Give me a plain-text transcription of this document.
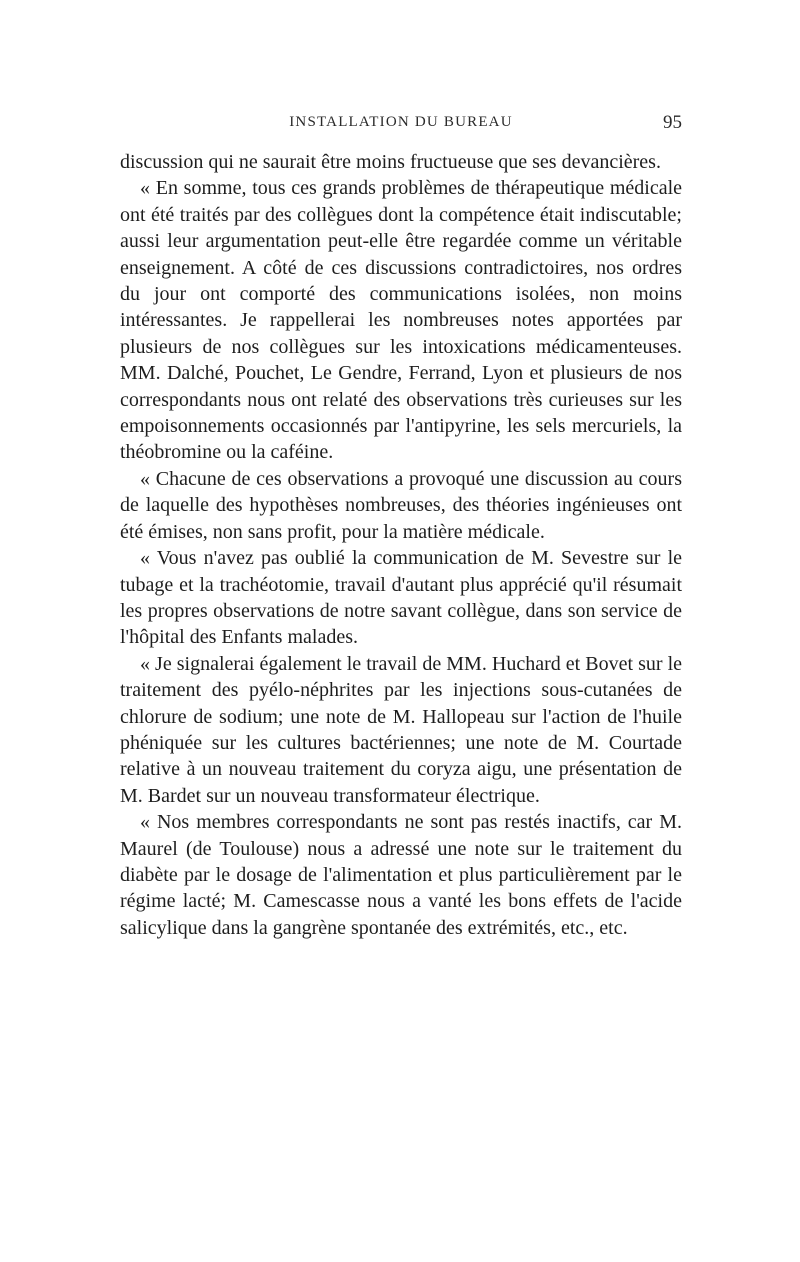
INSTALLATION DU BUREAU	95

discussion qui ne saurait être moins fructueuse que ses devancières.

« En somme, tous ces grands problèmes de thérapeutique médicale ont été traités par des collègues dont la compétence était indiscutable; aussi leur argumentation peut-elle être regardée comme un véritable enseignement. A côté de ces discussions contradictoires, nos ordres du jour ont comporté des communications isolées, non moins intéressantes. Je rappellerai les nombreuses notes apportées par plusieurs de nos collègues sur les intoxications médicamenteuses. MM. Dalché, Pouchet, Le Gendre, Ferrand, Lyon et plusieurs de nos correspondants nous ont relaté des observations très curieuses sur les empoisonnements occasionnés par l'antipyrine, les sels mercuriels, la théobromine ou la caféine.

« Chacune de ces observations a provoqué une discussion au cours de laquelle des hypothèses nombreuses, des théories ingénieuses ont été émises, non sans profit, pour la matière médicale.

« Vous n'avez pas oublié la communication de M. Sevestre sur le tubage et la trachéotomie, travail d'autant plus apprécié qu'il résumait les propres observations de notre savant collègue, dans son service de l'hôpital des Enfants malades.

« Je signalerai également le travail de MM. Huchard et Bovet sur le traitement des pyélo-néphrites par les injections sous-cutanées de chlorure de sodium; une note de M. Hallopeau sur l'action de l'huile phéniquée sur les cultures bactériennes; une note de M. Courtade relative à un nouveau traitement du coryza aigu, une présentation de M. Bardet sur un nouveau transformateur électrique.

« Nos membres correspondants ne sont pas restés inactifs, car M. Maurel (de Toulouse) nous a adressé une note sur le traitement du diabète par le dosage de l'alimentation et plus particulièrement par le régime lacté; M. Camescasse nous a vanté les bons effets de l'acide salicylique dans la gangrène spontanée des extrémités, etc., etc.
